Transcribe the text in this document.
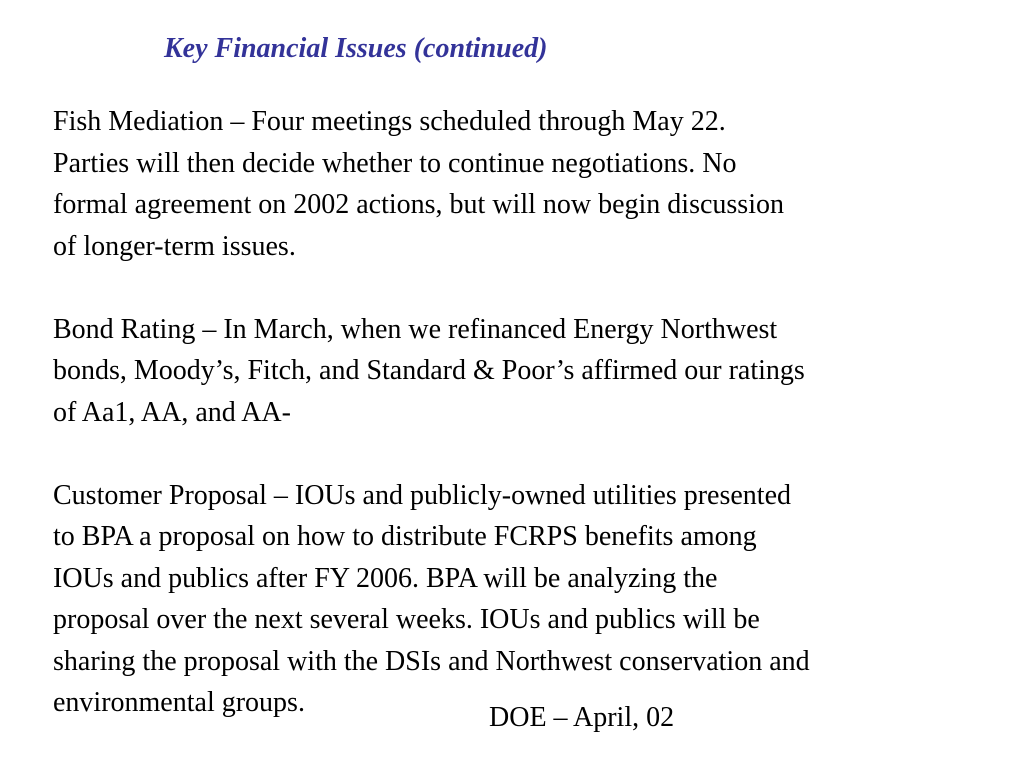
Key Financial Issues (continued)

Fish Mediation – Four meetings scheduled through May 22.
Parties will then decide whether to continue negotiations. No
formal agreement on 2002 actions, but will now begin discussion
of longer-term issues.

Bond Rating – In March, when we refinanced Energy Northwest
bonds, Moody’s, Fitch, and Standard & Poor’s affirmed our ratings
of Aa1, AA, and AA-

Customer Proposal – IOUs and publicly-owned utilities presented
to BPA a proposal on how to distribute FCRPS benefits among
IOUs and publics after FY 2006. BPA will be analyzing the
proposal over the next several weeks. IOUs and publics will be
sharing the proposal with the DSIs and Northwest conservation and
environmental groups.	DOE – April, 02
